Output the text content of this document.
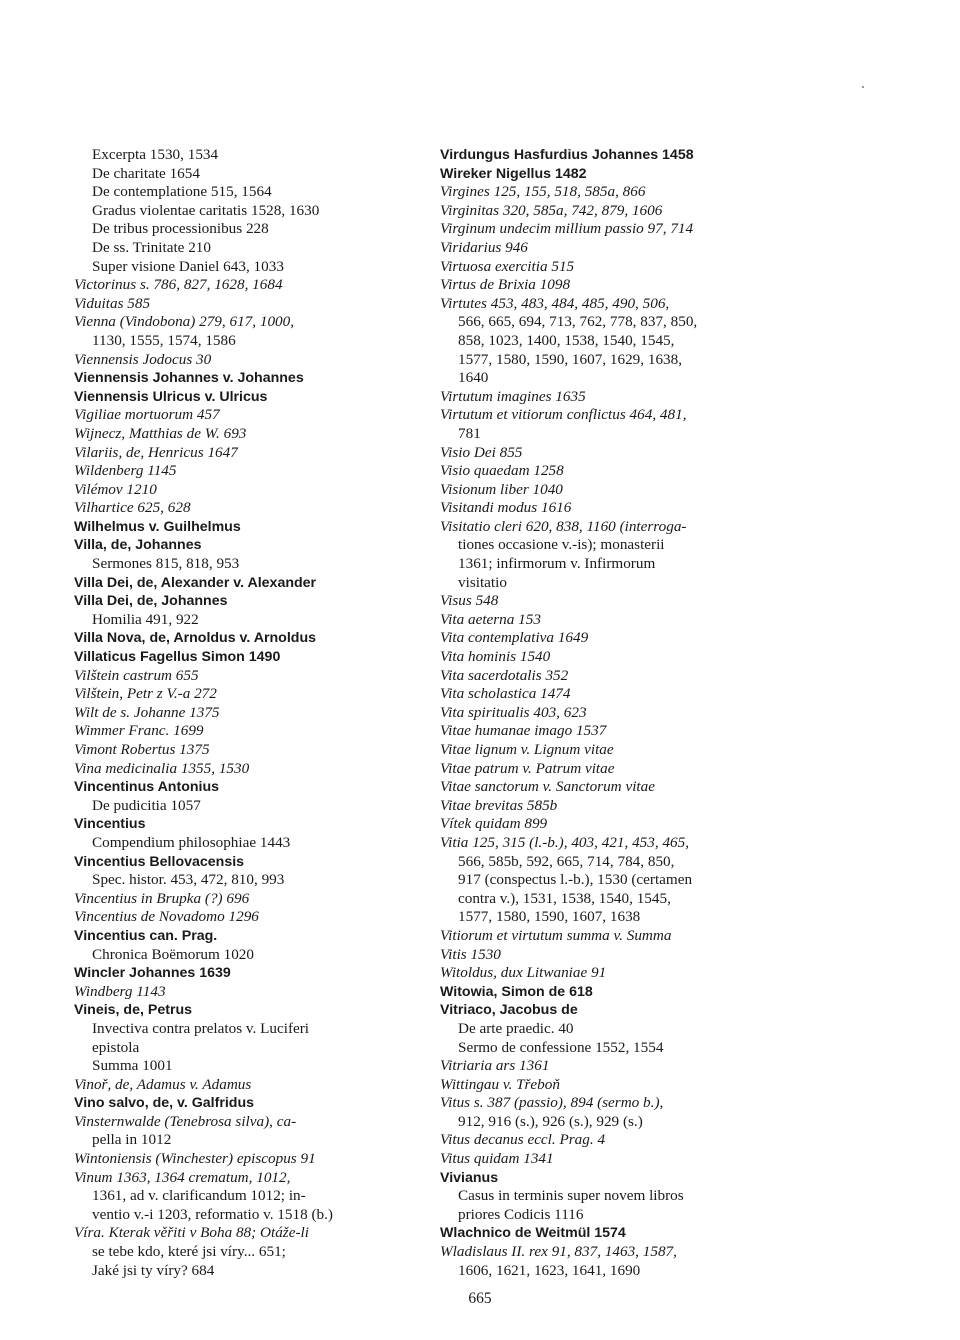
Excerpta 1530, 1534
De charitate 1654
De contemplatione 515, 1564
Gradus violentae caritatis 1528, 1630
De tribus processionibus 228
De ss. Trinitate 210
Super visione Daniel 643, 1033
Victorinus s. 786, 827, 1628, 1684
Viduitas 585
Vienna (Vindobona) 279, 617, 1000,
1130, 1555, 1574, 1586
Viennensis Jodocus 30
Viennensis Johannes v. Johannes
Viennensis Ulricus v. Ulricus
Vigiliae mortuorum 457
Wijnecz, Matthias de W. 693
Vilariis, de, Henricus 1647
Wildenberg 1145
Vilémov 1210
Vilhartice 625, 628
Wilhelmus v. Guilhelmus
Villa, de, Johannes
Sermones 815, 818, 953
Villa Dei, de, Alexander v. Alexander
Villa Dei, de, Johannes
Homilia 491, 922
Villa Nova, de, Arnoldus v. Arnoldus
Villaticus Fagellus Simon 1490
Vilštein castrum 655
Vilštein, Petr z V.-a 272
Wilt de s. Johanne 1375
Wimmer Franc. 1699
Vimont Robertus 1375
Vina medicinalia 1355, 1530
Vincentinus Antonius
De pudicitia 1057
Vincentius
Compendium philosophiae 1443
Vincentius Bellovacensis
Spec. histor. 453, 472, 810, 993
Vincentius in Brupka (?) 696
Vincentius de Novadomo 1296
Vincentius can. Prag.
Chronica Boëmorum 1020
Wincler Johannes 1639
Windberg 1143
Vineis, de, Petrus
Invectiva contra prelatos v. Luciferi
epistola
Summa 1001
Vinoř, de, Adamus v. Adamus
Vino salvo, de, v. Galfridus
Vinsternwalde (Tenebrosa silva), ca-
pella in 1012
Wintoniensis (Winchester) episcopus 91
Vinum 1363, 1364 crematum, 1012,
1361, ad v. clarificandum 1012; in-
ventio v.-i 1203, reformatio v. 1518 (b.)
Víra. Kterak věřiti v Boha 88; Otáže-li
se tebe kdo, které jsi víry... 651;
Jaké jsi ty víry? 684
Virdungus Hasfurdius Johannes 1458
Wireker Nigellus 1482
Virgines 125, 155, 518, 585a, 866
Virginitas 320, 585a, 742, 879, 1606
Virginum undecim millium passio 97, 714
Viridarius 946
Virtuosa exercitia 515
Virtus de Brixia 1098
Virtutes 453, 483, 484, 485, 490, 506,
566, 665, 694, 713, 762, 778, 837, 850,
858, 1023, 1400, 1538, 1540, 1545,
1577, 1580, 1590, 1607, 1629, 1638,
1640
Virtutum imagines 1635
Virtutum et vitiorum conflictus 464, 481,
781
Visio Dei 855
Visio quaedam 1258
Visionum liber 1040
Visitandi modus 1616
Visitatio cleri 620, 838, 1160 (interroga-
tiones occasione v.-is); monasterii
1361; infirmorum v. Infirmorum
visitatio
Visus 548
Vita aeterna 153
Vita contemplativa 1649
Vita hominis 1540
Vita sacerdotalis 352
Vita scholastica 1474
Vita spiritualis 403, 623
Vitae humanae imago 1537
Vitae lignum v. Lignum vitae
Vitae patrum v. Patrum vitae
Vitae sanctorum v. Sanctorum vitae
Vitae brevitas 585b
Vítek quidam 899
Vitia 125, 315 (l.-b.), 403, 421, 453, 465,
566, 585b, 592, 665, 714, 784, 850,
917 (conspectus l.-b.), 1530 (certamen
contra v.), 1531, 1538, 1540, 1545,
1577, 1580, 1590, 1607, 1638
Vitiorum et virtutum summa v. Summa
Vitis 1530
Witoldus, dux Litwaniae 91
Witowia, Simon de 618
Vitriaco, Jacobus de
De arte praedic. 40
Sermo de confessione 1552, 1554
Vitriaria ars 1361
Wittingau v. Třeboň
Vitus s. 387 (passio), 894 (sermo b.),
912, 916 (s.), 926 (s.), 929 (s.)
Vitus decanus eccl. Prag. 4
Vitus quidam 1341
Vivianus
Casus in terminis super novem libros
priores Codicis 1116
Wlachnico de Weitmül 1574
Wladislaus II. rex 91, 837, 1463, 1587,
1606, 1621, 1623, 1641, 1690
665
